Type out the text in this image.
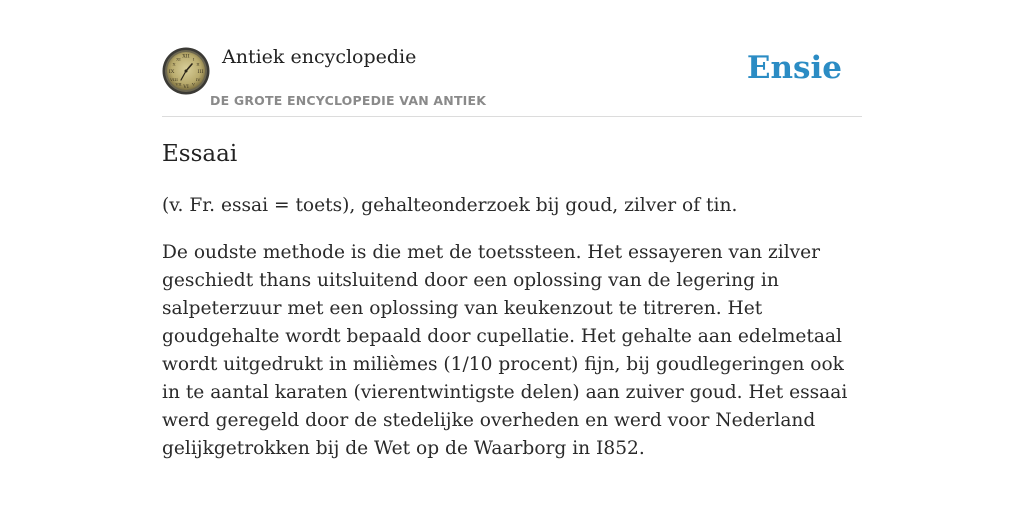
XII
III
VI
IX
I
II
IV
V
VII
VIII
X
XI Antiek encyclopedie
DE GROTE ENCYCLOPEDIE VAN ANTIEK
Ensie
Essaai

(v. Fr. essai = toets), gehalteonderzoek bij goud, zilver of tin.

De oudste methode is die met de toetssteen. Het essayeren van zilver geschiedt thans uitsluitend door een oplossing van de legering in salpeterzuur met een oplossing van keukenzout te titreren. Het goudgehalte wordt bepaald door cupellatie. Het gehalte aan edelmetaal wordt uitgedrukt in milièmes (1/10 procent) fijn, bij goudlegeringen ook in te aantal karaten (vierentwintigste delen) aan zuiver goud. Het essaai werd geregeld door de stedelijke overheden en werd voor Nederland gelijkgetrokken bij de Wet op de Waarborg in I852.
